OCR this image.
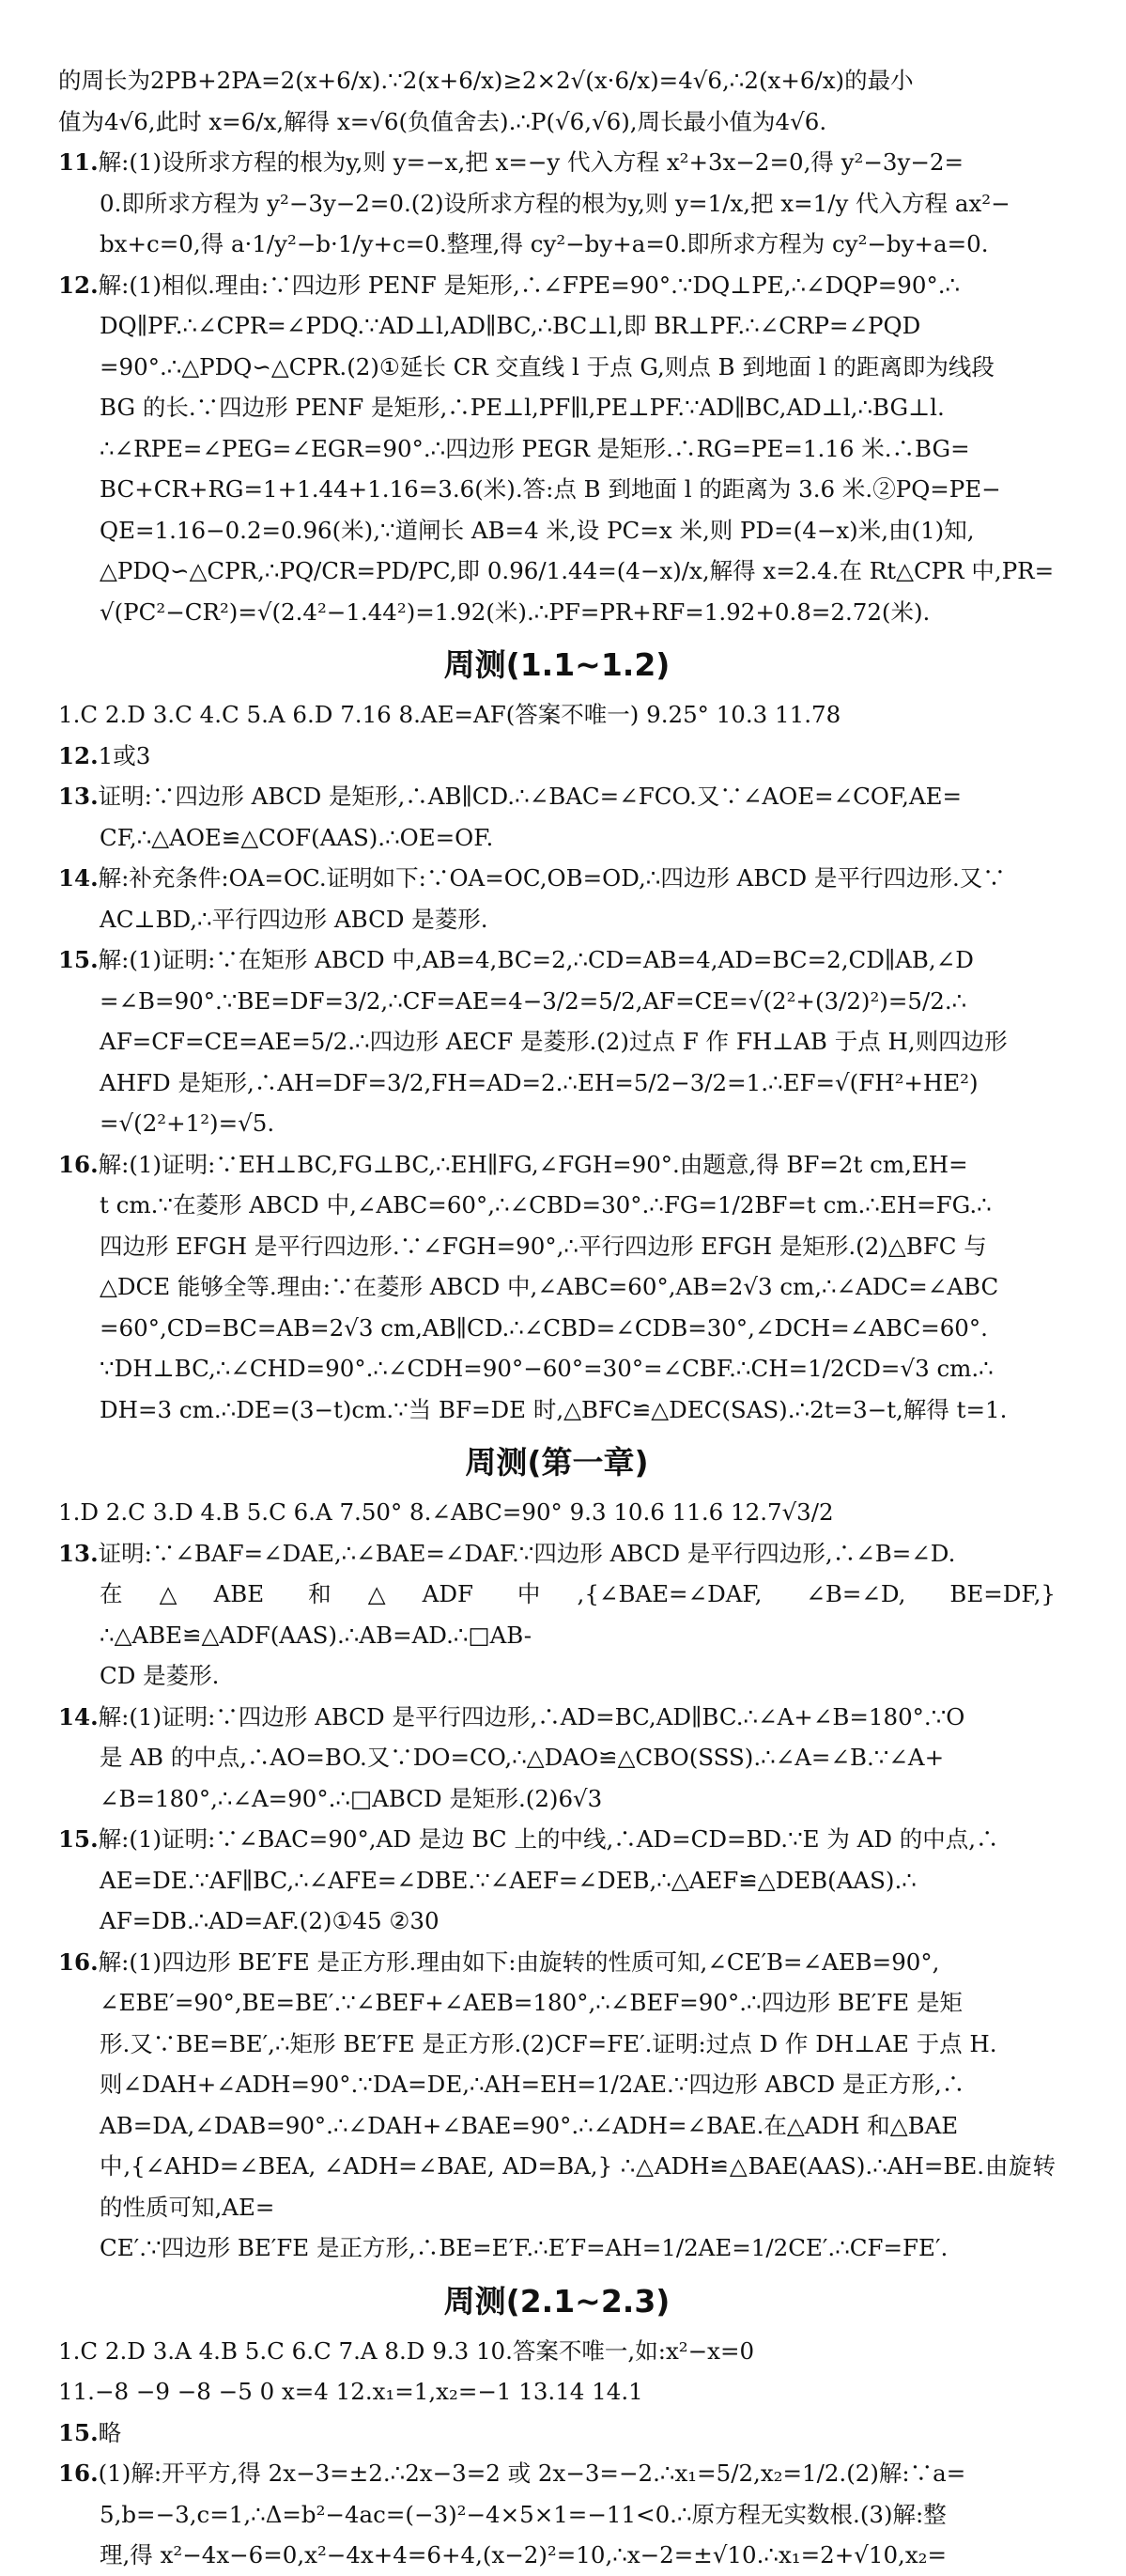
的周长为2PB+2PA=2(x+6/x).∵2(x+6/x)≥2×2√(x·6/x)=4√6,∴2(x+6/x)的最小
值为4√6,此时 x=6/x,解得 x=√6(负值舍去).∴P(√6,√6),周长最小值为4√6.
11.解:(1)设所求方程的根为y,则 y=−x,把 x=−y 代入方程 x²+3x−2=0,得 y²−3y−2=
0.即所求方程为 y²−3y−2=0.(2)设所求方程的根为y,则 y=1/x,把 x=1/y 代入方程 ax²−
bx+c=0,得 a·1/y²−b·1/y+c=0.整理,得 cy²−by+a=0.即所求方程为 cy²−by+a=0.
12.解:(1)相似.理由:∵四边形 PENF 是矩形,∴∠FPE=90°.∵DQ⊥PE,∴∠DQP=90°.∴
DQ∥PF.∴∠CPR=∠PDQ.∵AD⊥l,AD∥BC,∴BC⊥l,即 BR⊥PF.∴∠CRP=∠PQD
=90°.∴△PDQ∽△CPR.(2)①延长 CR 交直线 l 于点 G,则点 B 到地面 l 的距离即为线段
BG 的长.∵四边形 PENF 是矩形,∴PE⊥l,PF∥l,PE⊥PF.∵AD∥BC,AD⊥l,∴BG⊥l.
∴∠RPE=∠PEG=∠EGR=90°.∴四边形 PEGR 是矩形.∴RG=PE=1.16 米.∴BG=
BC+CR+RG=1+1.44+1.16=3.6(米).答:点 B 到地面 l 的距离为 3.6 米.②PQ=PE−
QE=1.16−0.2=0.96(米),∵道闸长 AB=4 米,设 PC=x 米,则 PD=(4−x)米,由(1)知,
△PDQ∽△CPR,∴PQ/CR=PD/PC,即 0.96/1.44=(4−x)/x,解得 x=2.4.在 Rt△CPR 中,PR=
√(PC²−CR²)=√(2.4²−1.44²)=1.92(米).∴PF=PR+RF=1.92+0.8=2.72(米).
周测(1.1~1.2)
1.C 2.D 3.C 4.C 5.A 6.D 7.16 8.AE=AF(答案不唯一) 9.25° 10.3 11.78
12.1或3
13.证明:∵四边形 ABCD 是矩形,∴AB∥CD.∴∠BAC=∠FCO.又∵∠AOE=∠COF,AE=
CF,∴△AOE≌△COF(AAS).∴OE=OF.
14.解:补充条件:OA=OC.证明如下:∵OA=OC,OB=OD,∴四边形 ABCD 是平行四边形.又∵
AC⊥BD,∴平行四边形 ABCD 是菱形.
15.解:(1)证明:∵在矩形 ABCD 中,AB=4,BC=2,∴CD=AB=4,AD=BC=2,CD∥AB,∠D
=∠B=90°.∵BE=DF=3/2,∴CF=AE=4−3/2=5/2,AF=CE=√(2²+(3/2)²)=5/2.∴
AF=CF=CE=AE=5/2.∴四边形 AECF 是菱形.(2)过点 F 作 FH⊥AB 于点 H,则四边形
AHFD 是矩形,∴AH=DF=3/2,FH=AD=2.∴EH=5/2−3/2=1.∴EF=√(FH²+HE²)
=√(2²+1²)=√5.
16.解:(1)证明:∵EH⊥BC,FG⊥BC,∴EH∥FG,∠FGH=90°.由题意,得 BF=2t cm,EH=
t cm.∵在菱形 ABCD 中,∠ABC=60°,∴∠CBD=30°.∴FG=1/2BF=t cm.∴EH=FG.∴
四边形 EFGH 是平行四边形.∵∠FGH=90°,∴平行四边形 EFGH 是矩形.(2)△BFC 与
△DCE 能够全等.理由:∵在菱形 ABCD 中,∠ABC=60°,AB=2√3 cm,∴∠ADC=∠ABC
=60°,CD=BC=AB=2√3 cm,AB∥CD.∴∠CBD=∠CDB=30°,∠DCH=∠ABC=60°.
∵DH⊥BC,∴∠CHD=90°.∴∠CDH=90°−60°=30°=∠CBF.∴CH=1/2CD=√3 cm.∴
DH=3 cm.∴DE=(3−t)cm.∵当 BF=DE 时,△BFC≌△DEC(SAS).∴2t=3−t,解得 t=1.
周测(第一章)
1.D 2.C 3.D 4.B 5.C 6.A 7.50° 8.∠ABC=90° 9.3 10.6 11.6 12.7√3/2
13.证明:∵∠BAF=∠DAE,∴∠BAE=∠DAF.∵四边形 ABCD 是平行四边形,∴∠B=∠D.
在△ABE 和△ADF 中,{∠BAE=∠DAF, ∠B=∠D, BE=DF,} ∴△ABE≌△ADF(AAS).∴AB=AD.∴□AB-
CD 是菱形.
14.解:(1)证明:∵四边形 ABCD 是平行四边形,∴AD=BC,AD∥BC.∴∠A+∠B=180°.∵O
是 AB 的中点,∴AO=BO.又∵DO=CO,∴△DAO≌△CBO(SSS).∴∠A=∠B.∵∠A+
∠B=180°,∴∠A=90°.∴□ABCD 是矩形.(2)6√3
15.解:(1)证明:∵∠BAC=90°,AD 是边 BC 上的中线,∴AD=CD=BD.∵E 为 AD 的中点,∴
AE=DE.∵AF∥BC,∴∠AFE=∠DBE.∵∠AEF=∠DEB,∴△AEF≌△DEB(AAS).∴
AF=DB.∴AD=AF.(2)①45 ②30
16.解:(1)四边形 BE′FE 是正方形.理由如下:由旋转的性质可知,∠CE′B=∠AEB=90°,
∠EBE′=90°,BE=BE′.∵∠BEF+∠AEB=180°,∴∠BEF=90°.∴四边形 BE′FE 是矩
形.又∵BE=BE′,∴矩形 BE′FE 是正方形.(2)CF=FE′.证明:过点 D 作 DH⊥AE 于点 H.
则∠DAH+∠ADH=90°.∵DA=DE,∴AH=EH=1/2AE.∵四边形 ABCD 是正方形,∴
AB=DA,∠DAB=90°.∴∠DAH+∠BAE=90°.∴∠ADH=∠BAE.在△ADH 和△BAE
中,{∠AHD=∠BEA, ∠ADH=∠BAE, AD=BA,} ∴△ADH≌△BAE(AAS).∴AH=BE.由旋转的性质可知,AE=
CE′.∵四边形 BE′FE 是正方形,∴BE=E′F.∴E′F=AH=1/2AE=1/2CE′.∴CF=FE′.
周测(2.1~2.3)
1.C 2.D 3.A 4.B 5.C 6.C 7.A 8.D 9.3 10.答案不唯一,如:x²−x=0
11.−8 −9 −8 −5 0 x=4 12.x₁=1,x₂=−1 13.14 14.1
15.略
16.(1)解:开平方,得 2x−3=±2.∴2x−3=2 或 2x−3=−2.∴x₁=5/2,x₂=1/2.(2)解:∵a=
5,b=−3,c=1,∴Δ=b²−4ac=(−3)²−4×5×1=−11<0.∴原方程无实数根.(3)解:整
理,得 x²−4x−6=0,x²−4x+4=6+4,(x−2)²=10,∴x−2=±√10.∴x₁=2+√10,x₂=
